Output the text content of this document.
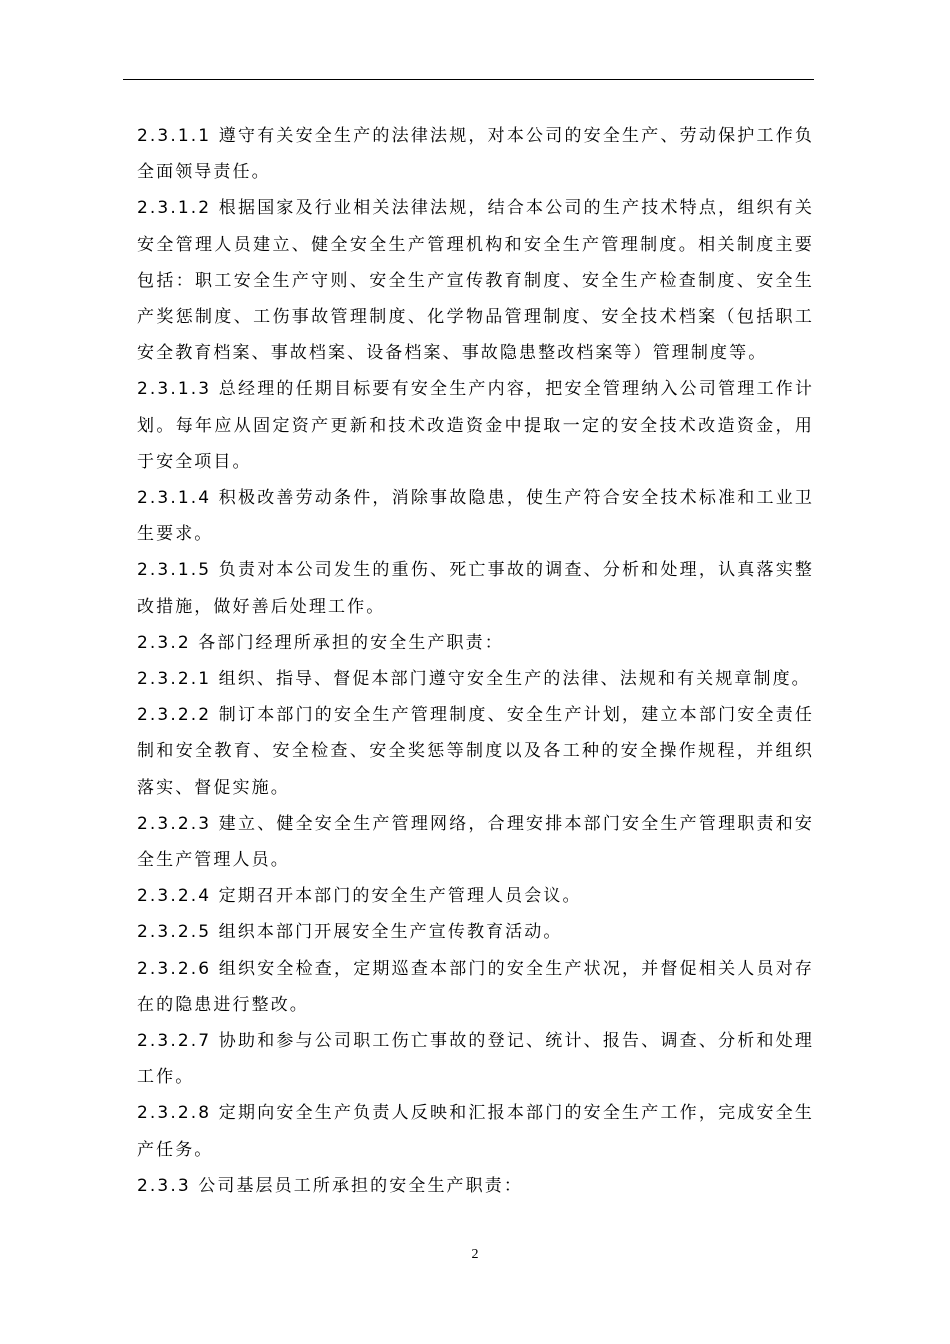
2.3.1.1 遵守有关安全生产的法律法规，对本公司的安全生产、劳动保护工作负全面领导责任。

2.3.1.2 根据国家及行业相关法律法规，结合本公司的生产技术特点，组织有关安全管理人员建立、健全安全生产管理机构和安全生产管理制度。相关制度主要包括：职工安全生产守则、安全生产宣传教育制度、安全生产检查制度、安全生产奖惩制度、工伤事故管理制度、化学物品管理制度、安全技术档案（包括职工安全教育档案、事故档案、设备档案、事故隐患整改档案等）管理制度等。

2.3.1.3 总经理的任期目标要有安全生产内容，把安全管理纳入公司管理工作计划。每年应从固定资产更新和技术改造资金中提取一定的安全技术改造资金，用于安全项目。

2.3.1.4 积极改善劳动条件，消除事故隐患，使生产符合安全技术标准和工业卫生要求。

2.3.1.5 负责对本公司发生的重伤、死亡事故的调查、分析和处理，认真落实整改措施，做好善后处理工作。

2.3.2 各部门经理所承担的安全生产职责：

2.3.2.1 组织、指导、督促本部门遵守安全生产的法律、法规和有关规章制度。

2.3.2.2 制订本部门的安全生产管理制度、安全生产计划，建立本部门安全责任制和安全教育、安全检查、安全奖惩等制度以及各工种的安全操作规程，并组织落实、督促实施。

2.3.2.3 建立、健全安全生产管理网络，合理安排本部门安全生产管理职责和安全生产管理人员。

2.3.2.4 定期召开本部门的安全生产管理人员会议。

2.3.2.5 组织本部门开展安全生产宣传教育活动。

2.3.2.6 组织安全检查，定期巡查本部门的安全生产状况，并督促相关人员对存在的隐患进行整改。

2.3.2.7 协助和参与公司职工伤亡事故的登记、统计、报告、调查、分析和处理工作。

2.3.2.8 定期向安全生产负责人反映和汇报本部门的安全生产工作，完成安全生产任务。

2.3.3 公司基层员工所承担的安全生产职责：

2
